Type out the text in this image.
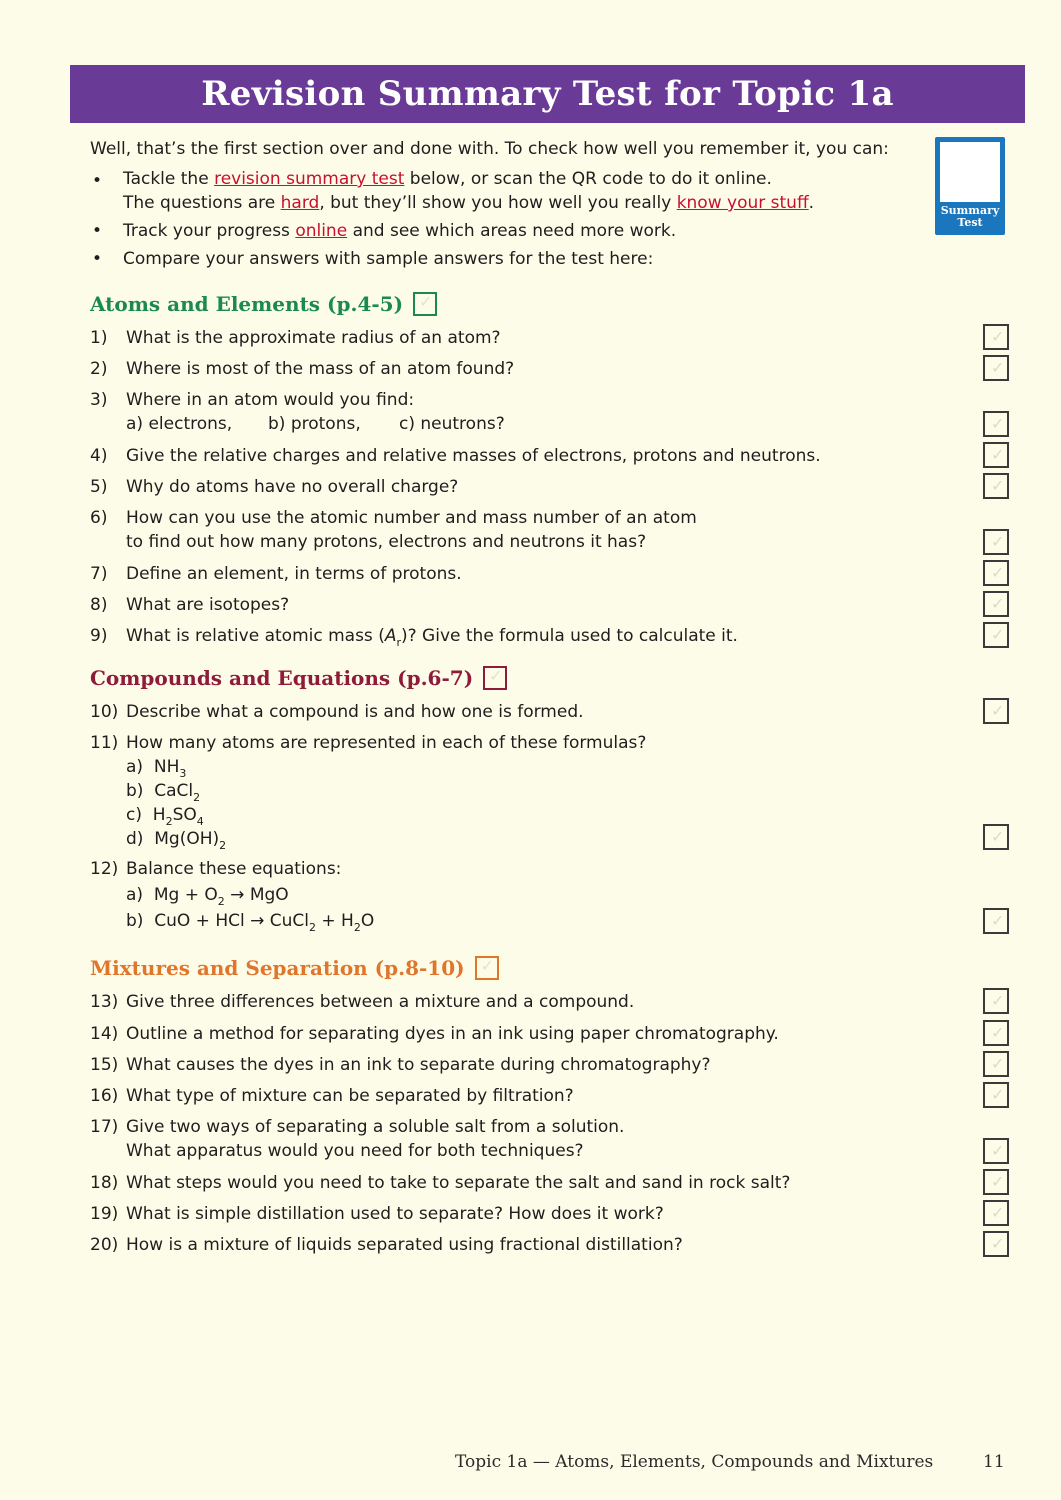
Revision Summary Test for Topic 1a

Well, that’s the first section over and done with. To check how well you remember it, you can:

• Tackle the revision summary test below, or scan the QR code to do it online.
The questions are hard, but they’ll show you how well you really know your stuff.
• Track your progress online and see which areas need more work.
• Compare your answers with sample answers for the test here:
Summary
Test
Atoms and Elements (p.4-5)
✓
1) What is the approximate radius of an atom?
✓
2) Where is most of the mass of an atom found?
✓
3) Where in an atom would you find:
a) electrons, b) protons, c) neutrons?
✓
4) Give the relative charges and relative masses of electrons, protons and neutrons.
✓
5) Why do atoms have no overall charge?
✓
6) How can you use the atomic number and mass number of an atom
to find out how many protons, electrons and neutrons it has?
✓
7) Define an element, in terms of protons.
✓
8) What are isotopes?
✓
9) What is relative atomic mass $(A_r)$? Give the formula used to calculate it.
✓
Compounds and Equations (p.6-7)
✓
10) Describe what a compound is and how one is formed.
✓
11) How many atoms are represented in each of these formulas?
a) $NH_3$
b) CaCl$_2$
c) $H_2SO_4$
d) $Mg(OH)_2$
✓
12) Balance these equations:
a) $Mg + O_2$ → MgO
b) CuO + HCl → CuCl$_2$ + $H_2O$
✓
Mixtures and Separation (p.8-10)
✓
13) Give three differences between a mixture and a compound.
✓
14) Outline a method for separating dyes in an ink using paper chromatography.
✓
15) What causes the dyes in an ink to separate during chromatography?
✓
16) What type of mixture can be separated by filtration?
✓
17) Give two ways of separating a soluble salt from a solution.
What apparatus would you need for both techniques?
✓
18) What steps would you need to take to separate the salt and sand in rock salt?
✓
19) What is simple distillation used to separate? How does it work?
✓
20) How is a mixture of liquids separated using fractional distillation?
✓
Topic 1a — Atoms, Elements, Compounds and Mixtures	11
